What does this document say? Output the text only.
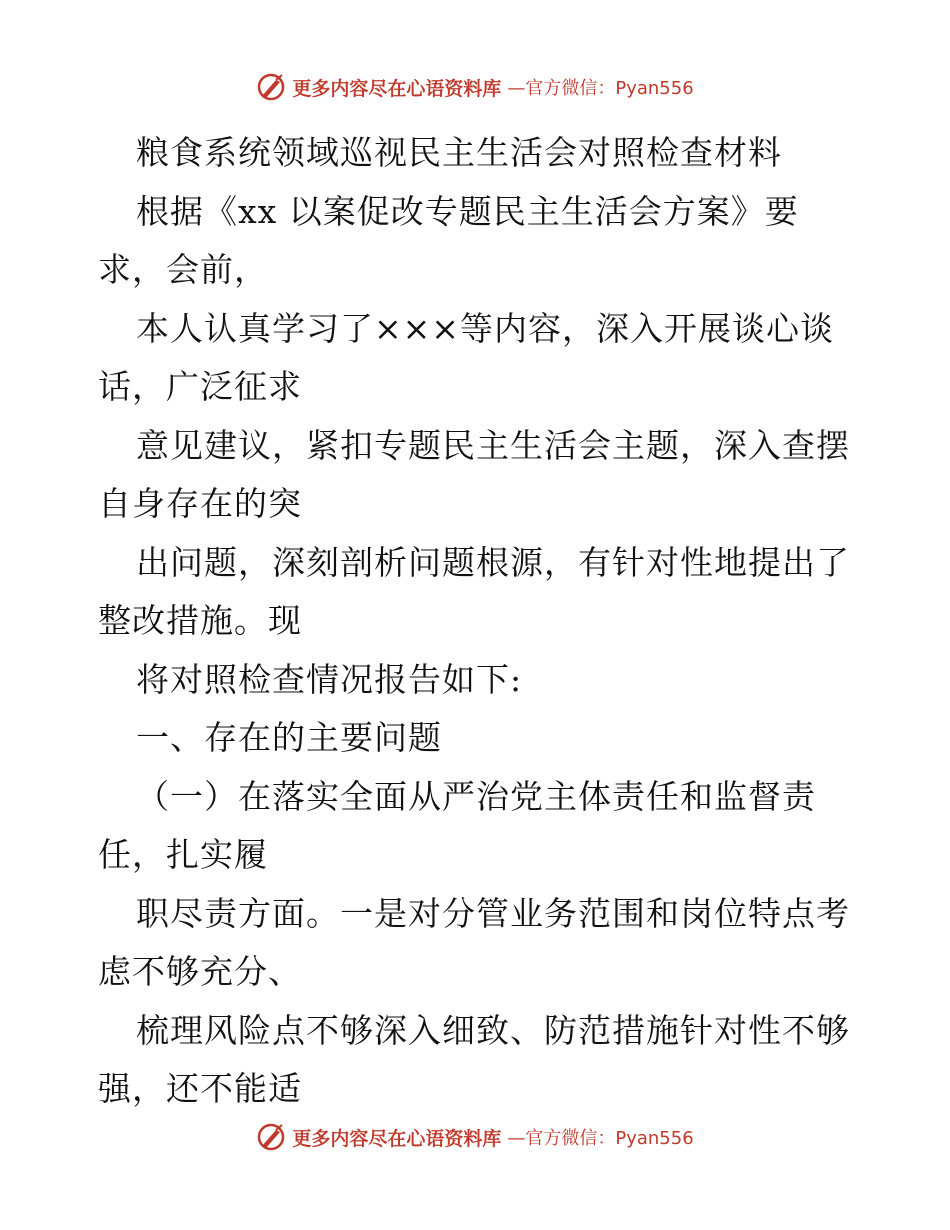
更多内容尽在心语资料库 —官方微信：Pyan556
粮食系统领域巡视民主生活会对照检查材料
根据《xx 以案促改专题民主生活会方案》要
求，会前，
本人认真学习了×××等内容，深入开展谈心谈
话，广泛征求
意见建议，紧扣专题民主生活会主题，深入查摆
自身存在的突
出问题，深刻剖析问题根源，有针对性地提出了
整改措施。现
将对照检查情况报告如下:
一、存在的主要问题
（一）在落实全面从严治党主体责任和监督责
任，扎实履
职尽责方面。一是对分管业务范围和岗位特点考
虑不够充分、
梳理风险点不够深入细致、防范措施针对性不够
强，还不能适
更多内容尽在心语资料库 —官方微信：Pyan556
